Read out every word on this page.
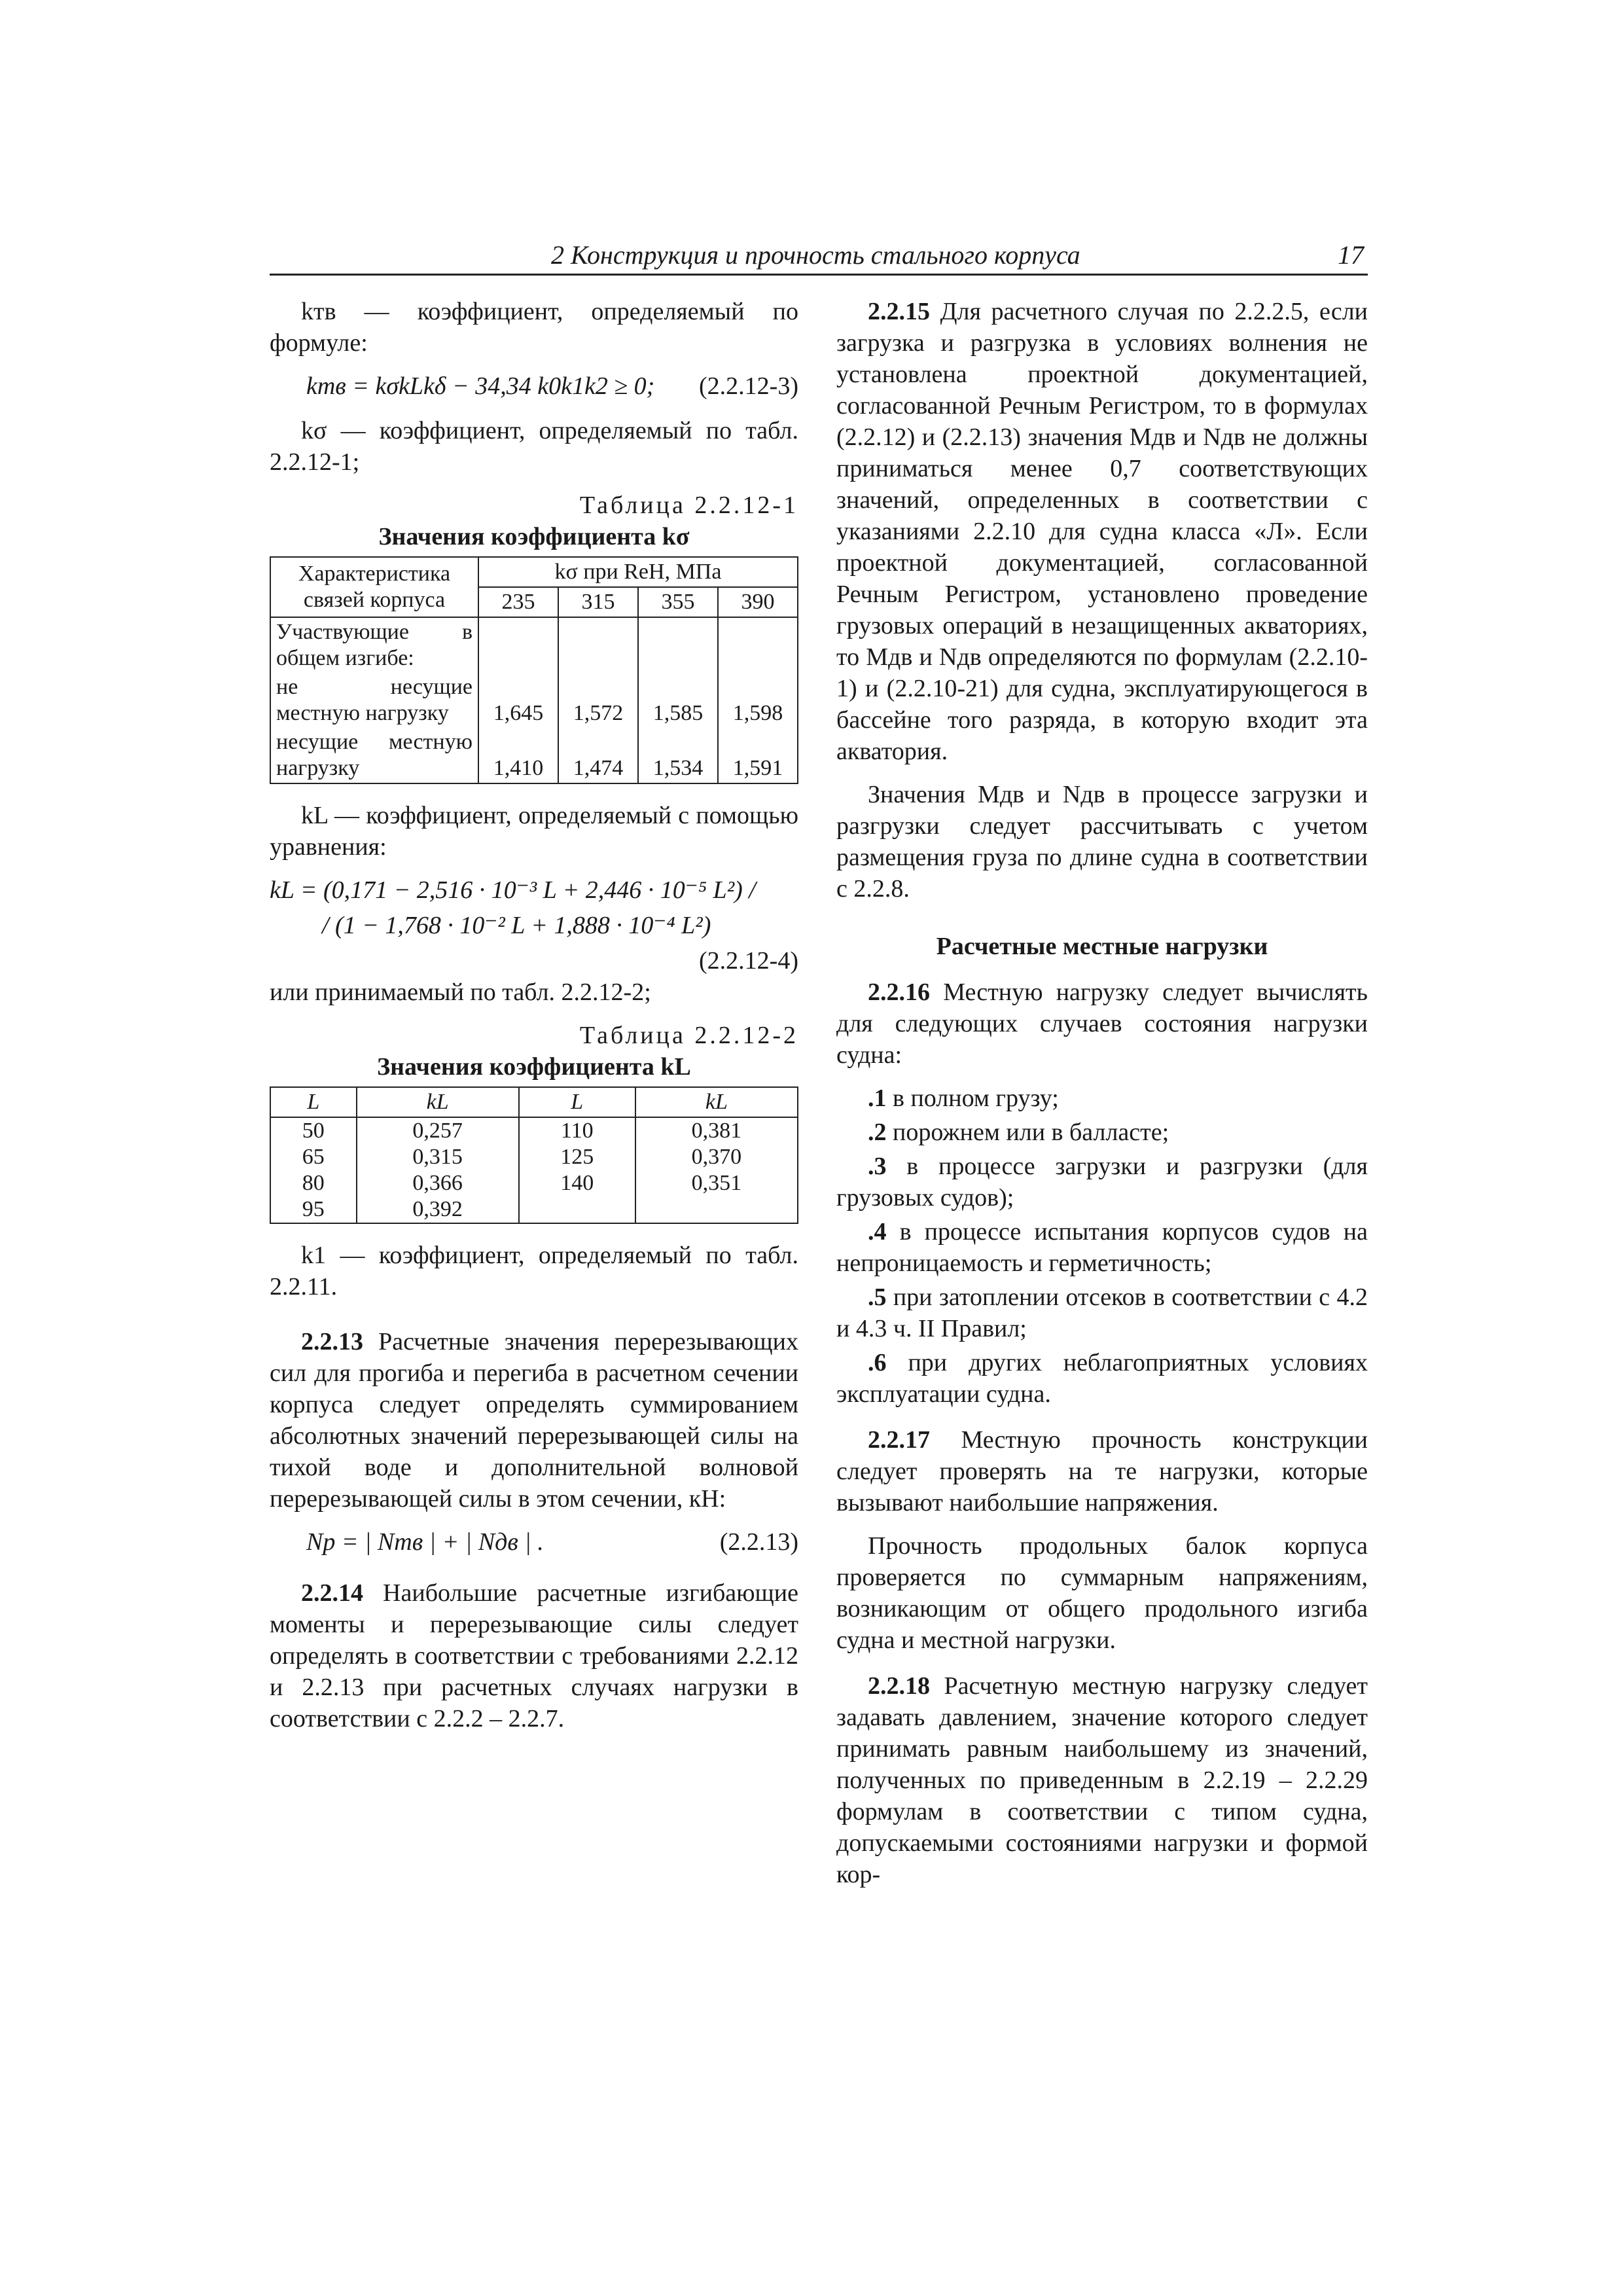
2 Конструкция и прочность стального корпуса	17

kтв — коэффициент, определяемый по формуле:

kтв = kσkLkδ − 34,34 k0k1k2 ≥ 0; (2.2.12-3)

kσ — коэффициент, определяемый по табл. 2.2.12-1;

Таблица 2.2.12-1

Значения коэффициента kσ

Характеристика связей корпуса	kσ при ReH, МПа			
	235	315	355	390
Участвующие в общем изгибе:				
не несущие местную нагрузку	1,645	1,572	1,585	1,598
несущие местную нагрузку	1,410	1,474	1,534	1,591

kL — коэффициент, определяемый с помощью уравнения:

kL = (0,171 − 2,516 · 10⁻³ L + 2,446 · 10⁻⁵ L²) /
/ (1 − 1,768 · 10⁻² L + 1,888 · 10⁻⁴ L²)
(2.2.12-4)

или принимаемый по табл. 2.2.12-2;

Таблица 2.2.12-2

Значения коэффициента kL

L	kL	L	kL
50	0,257	110	0,381
65	0,315	125	0,370
80	0,366	140	0,351
95	0,392		

k1 — коэффициент, определяемый по табл. 2.2.11.

2.2.13 Расчетные значения перерезывающих сил для прогиба и перегиба в расчетном сечении корпуса следует определять суммированием абсолютных значений перерезывающей силы на тихой воде и дополнительной волновой перерезывающей силы в этом сечении, кН:

Np = | Nтв | + | Nдв | .	(2.2.13)

2.2.14 Наибольшие расчетные изгибающие моменты и перерезывающие силы следует определять в соответствии с требованиями 2.2.12 и 2.2.13 при расчетных случаях нагрузки в соответствии с 2.2.2 – 2.2.7.

2.2.15 Для расчетного случая по 2.2.2.5, если загрузка и разгрузка в условиях волнения не установлена проектной документацией, согласованной Речным Регистром, то в формулах (2.2.12) и (2.2.13) значения Mдв и Nдв не должны приниматься менее 0,7 соответствующих значений, определенных в соответствии с указаниями 2.2.10 для судна класса «Л». Если проектной документацией, согласованной Речным Регистром, установлено проведение грузовых операций в незащищенных акваториях, то Mдв и Nдв определяются по формулам (2.2.10-1) и (2.2.10-21) для судна, эксплуатирующегося в бассейне того разряда, в которую входит эта акватория.

Значения Mдв и Nдв в процессе загрузки и разгрузки следует рассчитывать с учетом размещения груза по длине судна в соответствии с 2.2.8.

Расчетные местные нагрузки

2.2.16 Местную нагрузку следует вычислять для следующих случаев состояния нагрузки судна:

.1 в полном грузу;

.2 порожнем или в балласте;

.3 в процессе загрузки и разгрузки (для грузовых судов);

.4 в процессе испытания корпусов судов на непроницаемость и герметичность;

.5 при затоплении отсеков в соответствии с 4.2 и 4.3 ч. II Правил;

.6 при других неблагоприятных условиях эксплуатации судна.

2.2.17 Местную прочность конструкции следует проверять на те нагрузки, которые вызывают наибольшие напряжения.

Прочность продольных балок корпуса проверяется по суммарным напряжениям, возникающим от общего продольного изгиба судна и местной нагрузки.

2.2.18 Расчетную местную нагрузку следует задавать давлением, значение которого следует принимать равным наибольшему из значений, полученных по приведенным в 2.2.19 – 2.2.29 формулам в соответствии с типом судна, допускаемыми состояниями нагрузки и формой кор-
